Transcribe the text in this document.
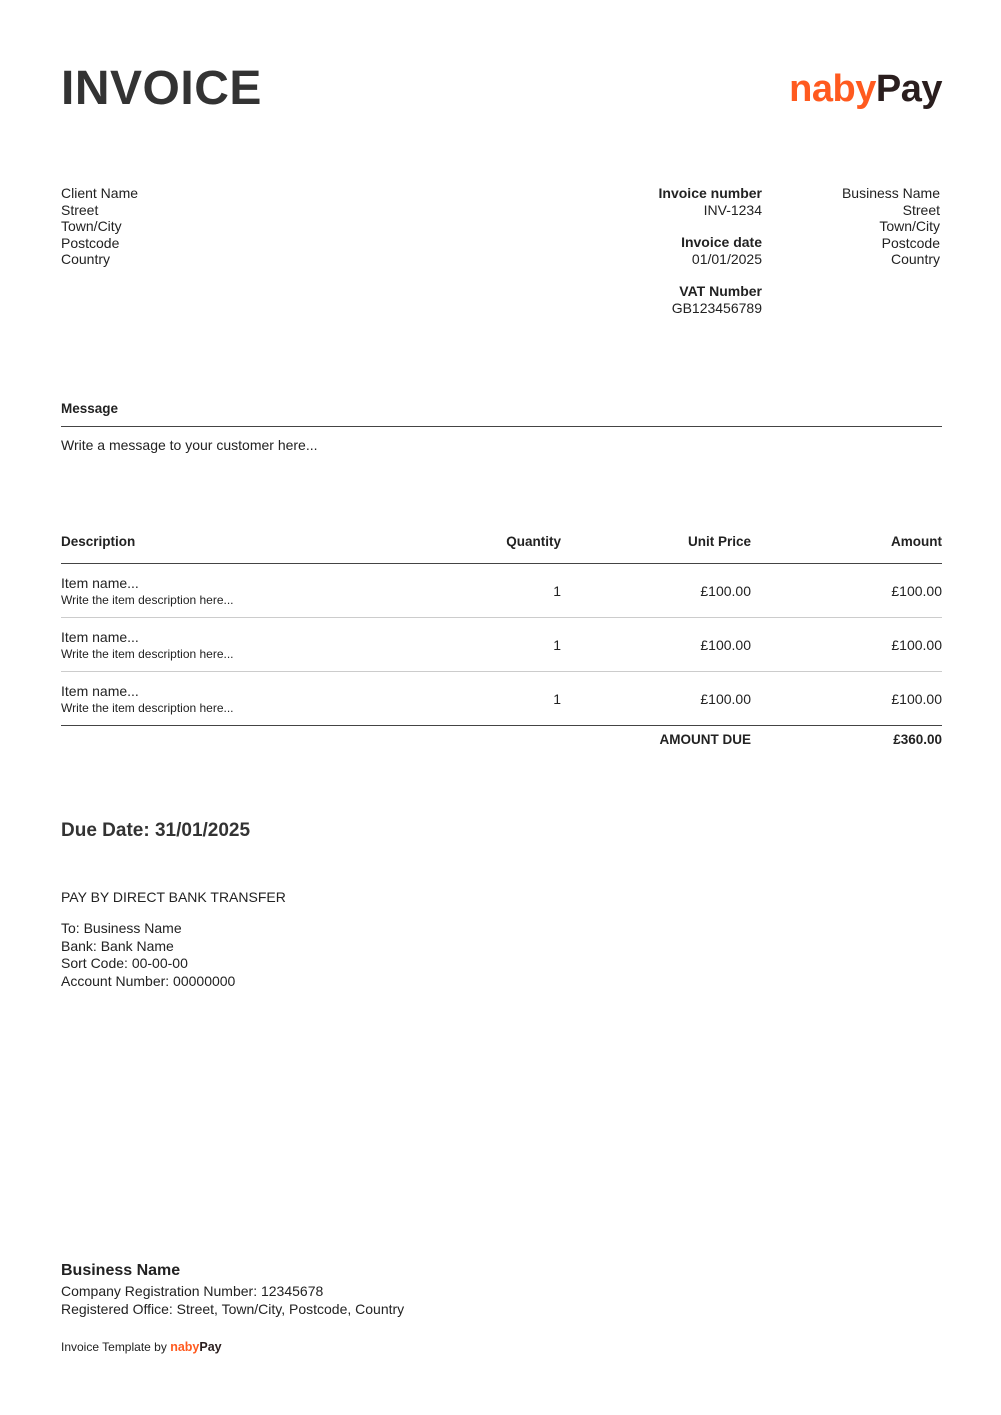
INVOICE	nabyPay
Client Name
Street
Town/City
Postcode
Country
Invoice number
INV-1234
Invoice date
01/01/2025
VAT Number
GB123456789
Business Name
Street
Town/City
Postcode
Country
Message
Write a message to your customer here...
Description	Quantity	Unit Price	Amount

Item name...
Write the item description here...	1	£100.00	£100.00

Item name...
Write the item description here...	1	£100.00	£100.00

Item name...
Write the item description here...	1	£100.00	£100.00
AMOUNT DUE	£360.00
Due Date: 31/01/2025
PAY BY DIRECT BANK TRANSFER
To: Business Name
Bank: Bank Name
Sort Code: 00-00-00
Account Number: 00000000
Business Name
Company Registration Number: 12345678
Registered Office: Street, Town/City, Postcode, Country
Invoice Template by nabyPay
